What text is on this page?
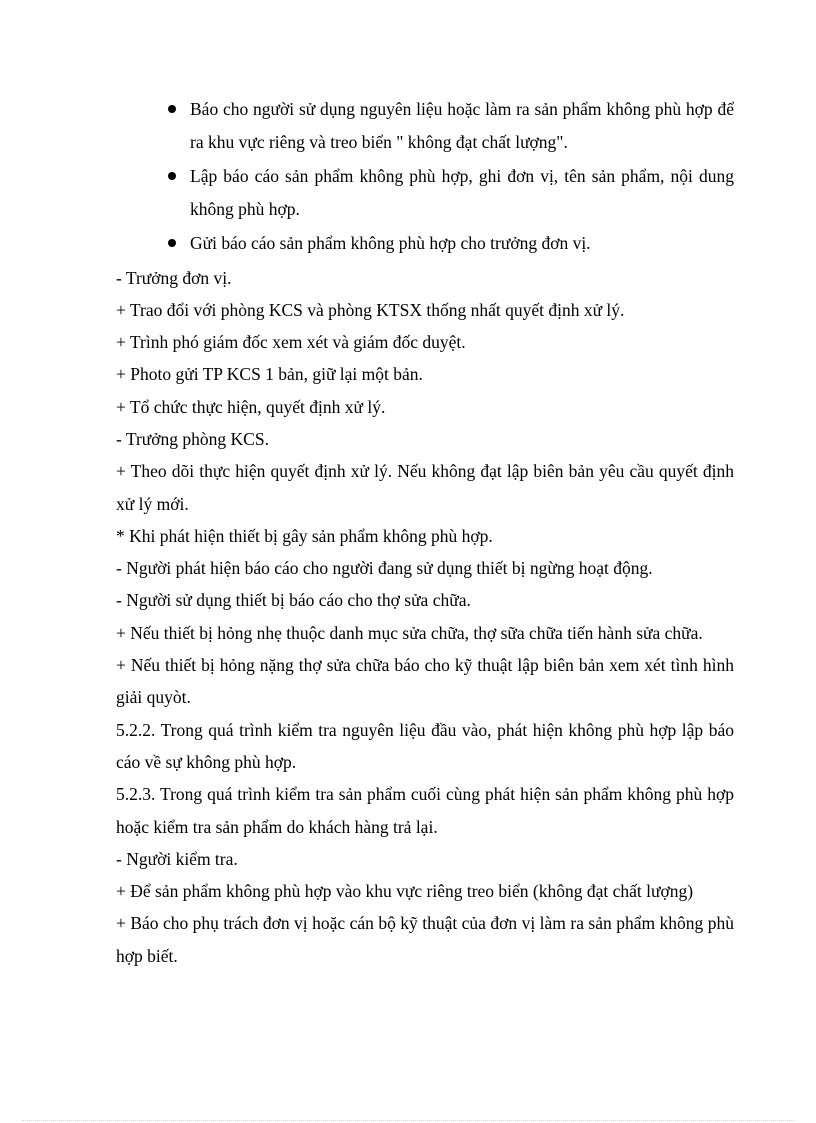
Báo cho người sử dụng nguyên liệu hoặc làm ra sản phẩm không phù hợp để ra khu vực riêng và treo biển " không đạt chất lượng".
Lập báo cáo sản phẩm không phù hợp, ghi đơn vị, tên sản phẩm, nội dung không phù hợp.
Gửi báo cáo sản phẩm không phù hợp cho trưởng đơn vị.

- Trưởng đơn vị.

+ Trao đổi với phòng KCS và phòng KTSX thống nhất quyết định xử lý.

+ Trình phó giám đốc xem xét và giám đốc duyệt.

+ Photo gửi TP KCS 1 bản, giữ lại một bản.

+ Tổ chức thực hiện, quyết định xử lý.

- Trưởng phòng KCS.

+ Theo dõi thực hiện quyết định xử lý. Nếu không đạt lập biên bản yêu cầu quyết định xử lý mới.

* Khi phát hiện thiết bị gây sản phẩm không phù hợp.

- Người phát hiện báo cáo cho người đang sử dụng thiết bị ngừng hoạt động.

- Người sử dụng thiết bị báo cáo cho thợ sửa chữa.

+ Nếu thiết bị hỏng nhẹ thuộc danh mục sửa chữa, thợ sữa chữa tiến hành sửa chữa.

+ Nếu thiết bị hỏng nặng thợ sửa chữa báo cho kỹ thuật lập biên bản xem xét tình hình giải quyòt.

5.2.2. Trong quá trình kiểm tra nguyên liệu đầu vào, phát hiện không phù hợp lập báo cáo về sự không phù hợp.

5.2.3. Trong quá trình kiểm tra sản phẩm cuối cùng phát hiện sản phẩm không phù hợp hoặc kiểm tra sản phẩm do khách hàng trả lại.

- Người kiểm tra.

+ Để sản phẩm không phù hợp vào khu vực riêng treo biển (không đạt chất lượng)

+ Báo cho phụ trách đơn vị hoặc cán bộ kỹ thuật của đơn vị làm ra sản phẩm không phù hợp biết.
